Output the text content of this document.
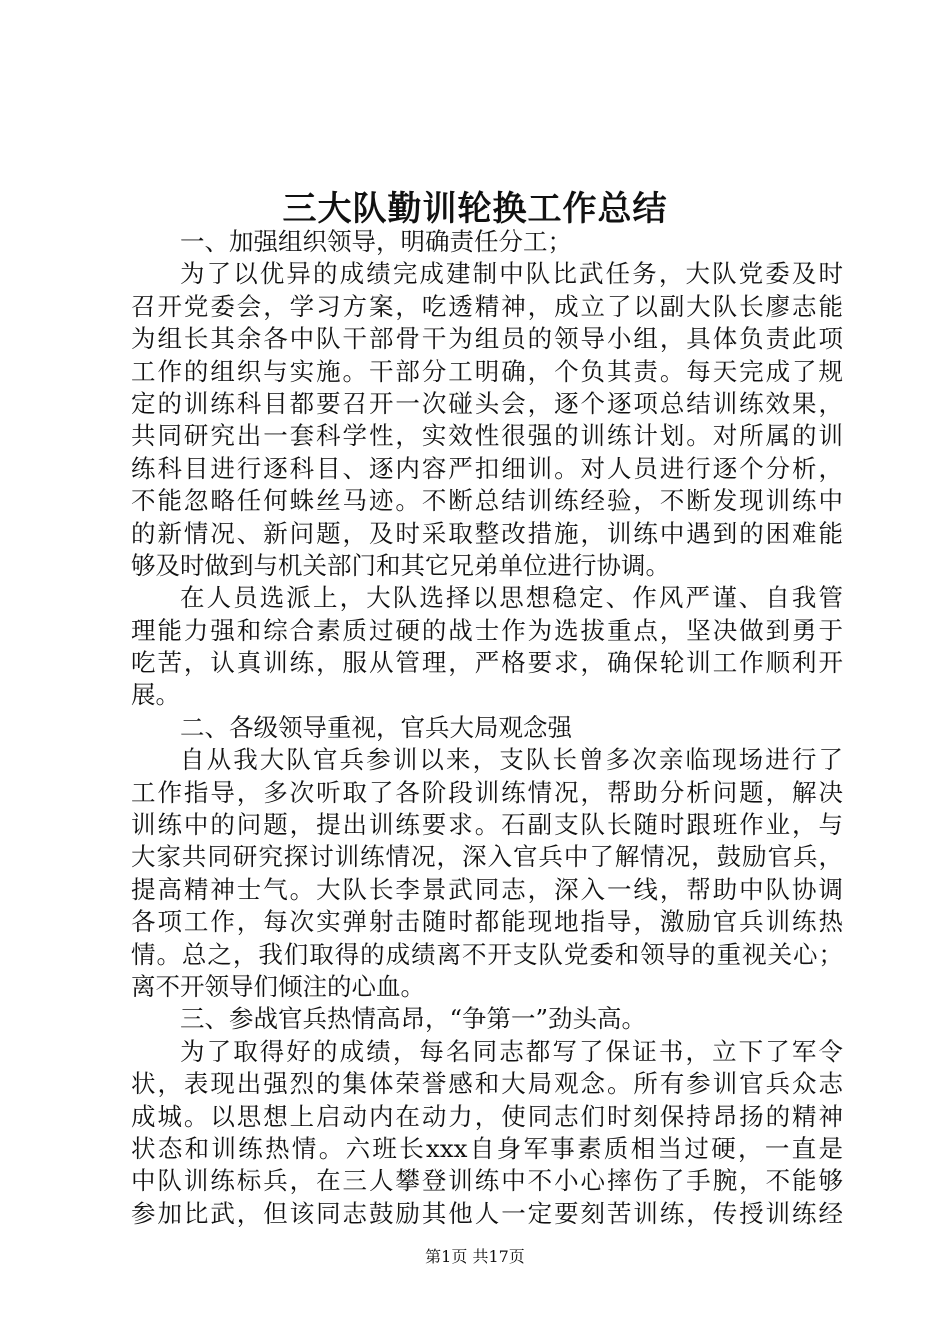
三大队勤训轮换工作总结
一、加强组织领导，明确责任分工；
为了以优异的成绩完成建制中队比武任务，大队党委及时
召开党委会，学习方案，吃透精神，成立了以副大队长廖志能
为组长其余各中队干部骨干为组员的领导小组，具体负责此项
工作的组织与实施。干部分工明确，个负其责。每天完成了规
定的训练科目都要召开一次碰头会，逐个逐项总结训练效果，
共同研究出一套科学性，实效性很强的训练计划。对所属的训
练科目进行逐科目、逐内容严扣细训。对人员进行逐个分析，
不能忽略任何蛛丝马迹。不断总结训练经验，不断发现训练中
的新情况、新问题，及时采取整改措施，训练中遇到的困难能
够及时做到与机关部门和其它兄弟单位进行协调。
在人员选派上，大队选择以思想稳定、作风严谨、自我管
理能力强和综合素质过硬的战士作为选拔重点，坚决做到勇于
吃苦，认真训练，服从管理，严格要求，确保轮训工作顺利开
展。
二、各级领导重视，官兵大局观念强
自从我大队官兵参训以来，支队长曾多次亲临现场进行了
工作指导，多次听取了各阶段训练情况，帮助分析问题，解决
训练中的问题，提出训练要求。石副支队长随时跟班作业，与
大家共同研究探讨训练情况，深入官兵中了解情况，鼓励官兵，
提高精神士气。大队长李景武同志，深入一线，帮助中队协调
各项工作，每次实弹射击随时都能现地指导，激励官兵训练热
情。总之，我们取得的成绩离不开支队党委和领导的重视关心；
离不开领导们倾注的心血。
三、参战官兵热情高昂，“争第一”劲头高。
为了取得好的成绩，每名同志都写了保证书，立下了军令
状，表现出强烈的集体荣誉感和大局观念。所有参训官兵众志
成城。以思想上启动内在动力，使同志们时刻保持昂扬的精神
状态和训练热情。六班长xxx自身军事素质相当过硬，一直是
中队训练标兵，在三人攀登训练中不小心摔伤了手腕，不能够
参加比武，但该同志鼓励其他人一定要刻苦训练，传授训练经
第1页 共17页
